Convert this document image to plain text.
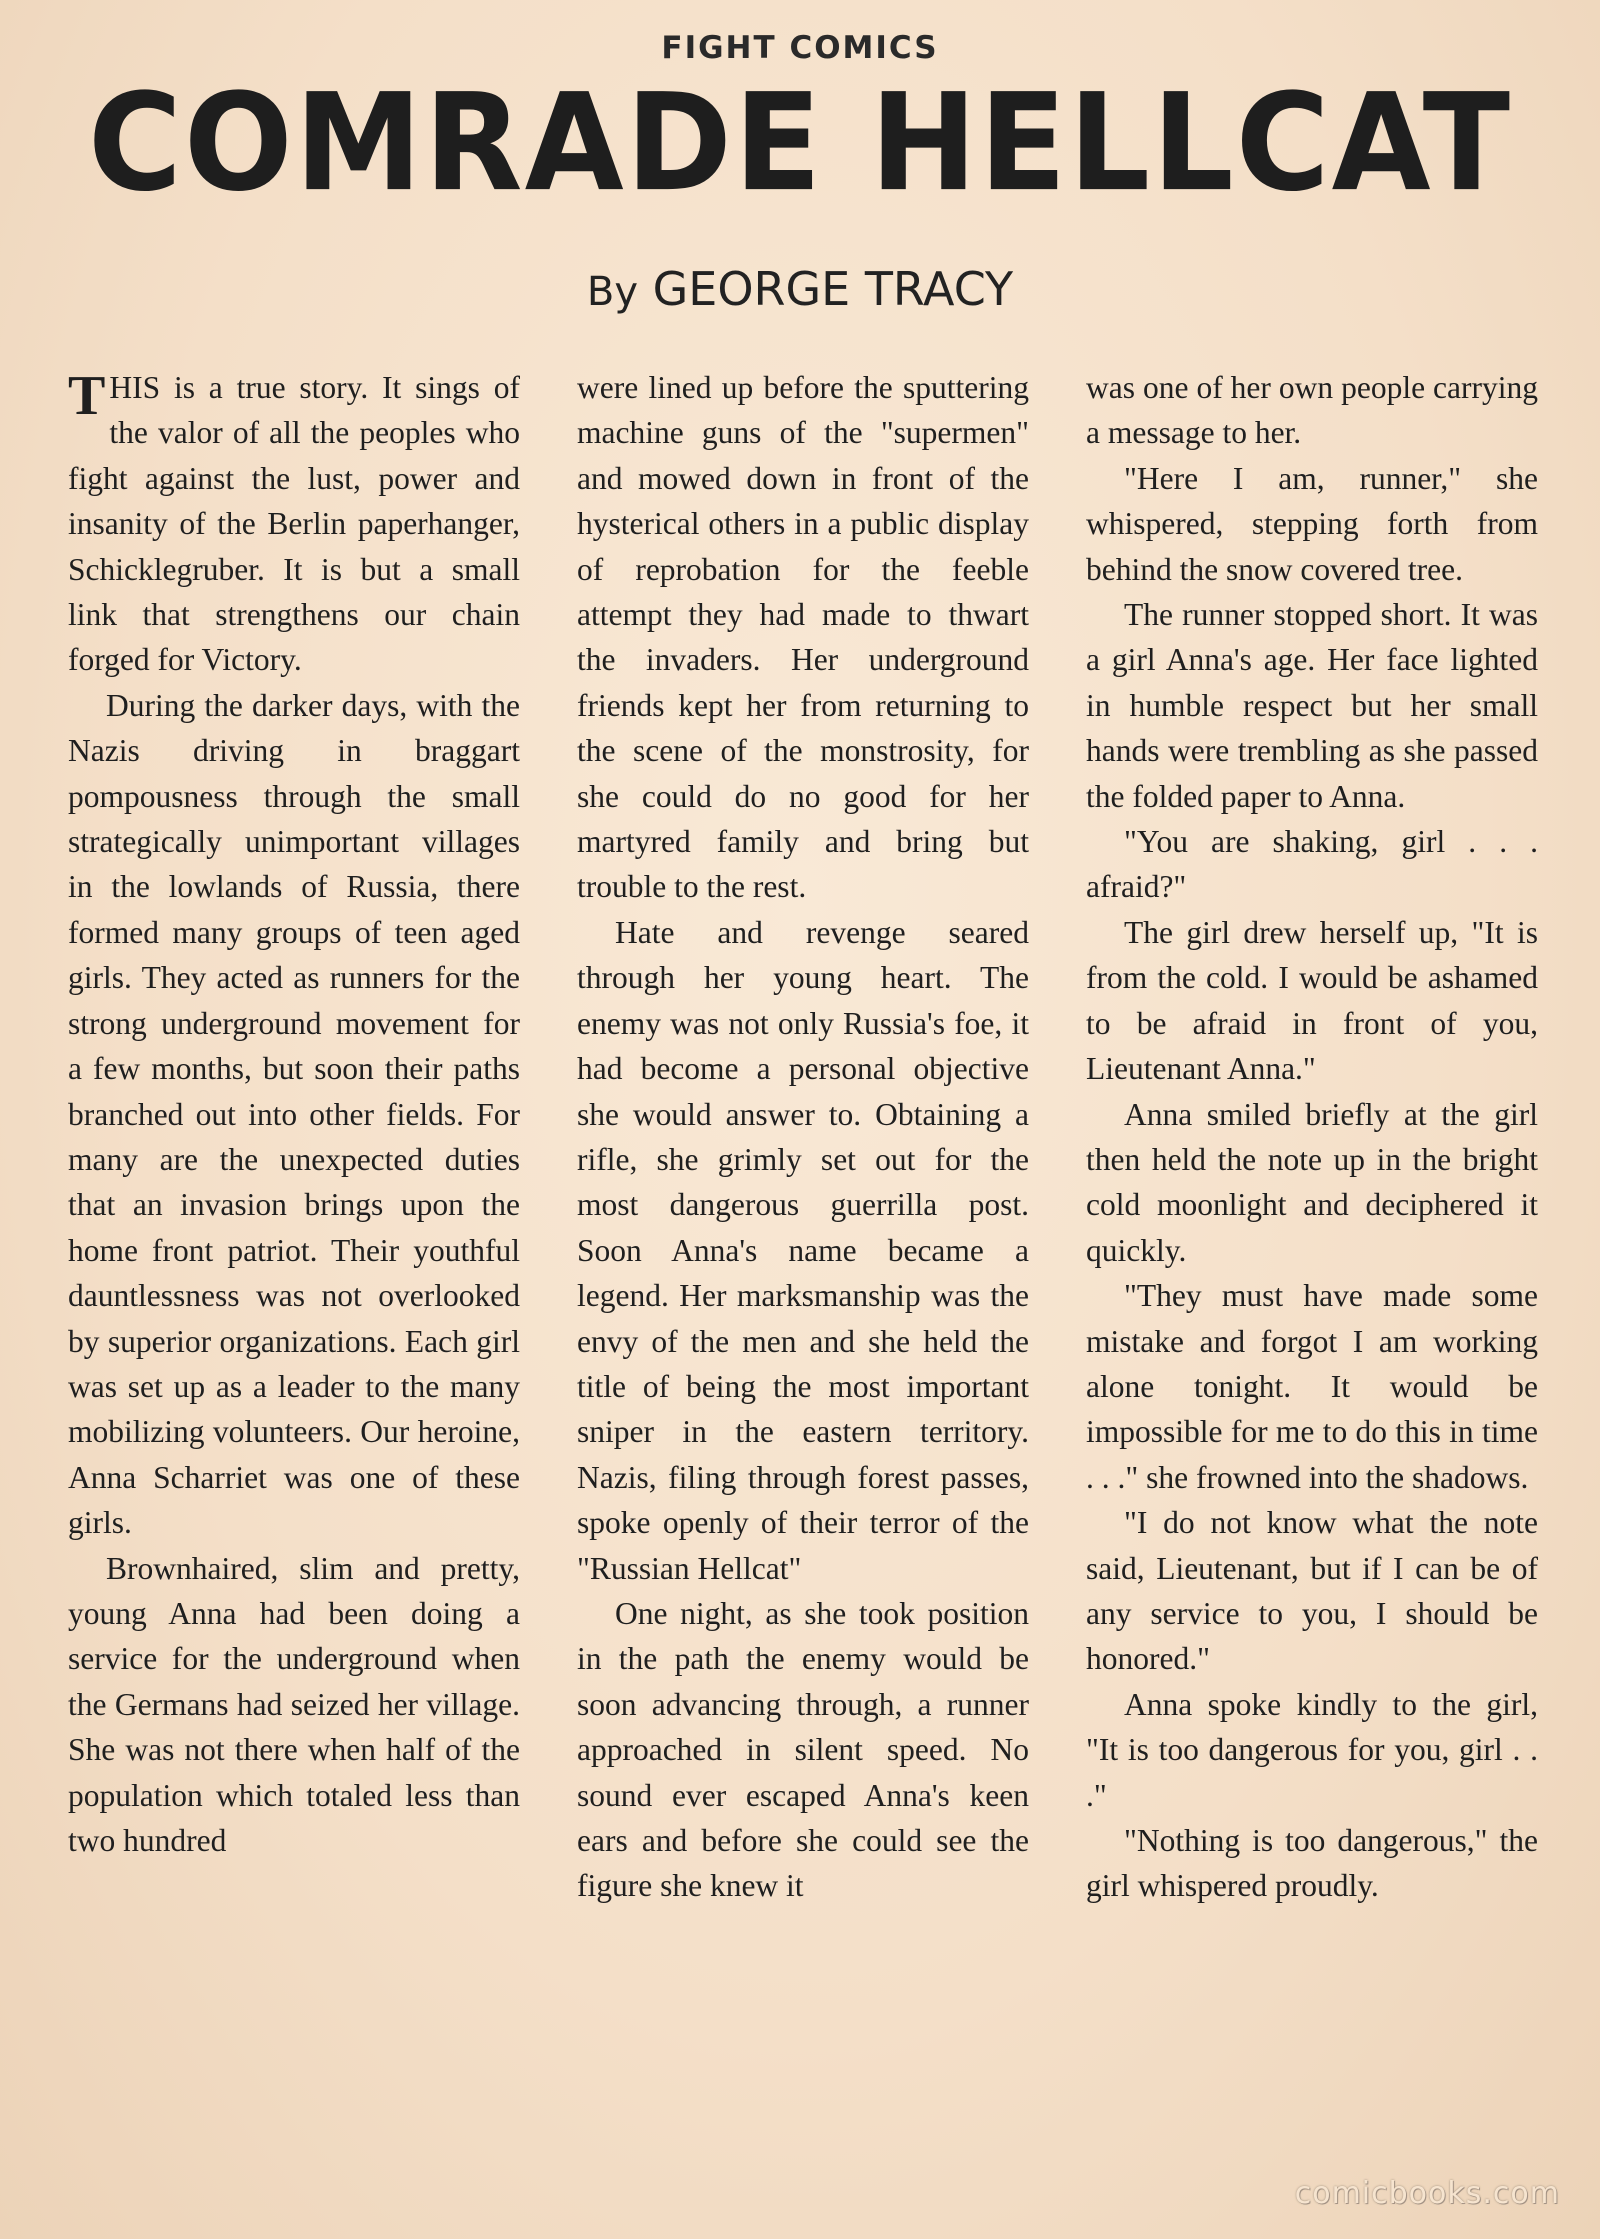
FIGHT COMICS
COMRADE HELLCAT
By GEORGE TRACY

THIS is a true story. It sings of the valor of all the peoples who fight against the lust, power and insanity of the Berlin paperhanger, Schicklegruber. It is but a small link that strengthens our chain forged for Victory.

During the darker days, with the Nazis driving in braggart pompousness through the small strategically unimportant villages in the lowlands of Russia, there formed many groups of teen aged girls. They acted as runners for the strong underground movement for a few months, but soon their paths branched out into other fields. For many are the unexpected duties that an invasion brings upon the home front patriot. Their youthful dauntlessness was not overlooked by superior organizations. Each girl was set up as a leader to the many mobilizing volunteers. Our heroine, Anna Scharriet was one of these girls.

Brownhaired, slim and pretty, young Anna had been doing a service for the underground when the Germans had seized her village. She was not there when half of the population which totaled less than two hundred

were lined up before the sputtering machine guns of the "supermen" and mowed down in front of the hysterical others in a public display of reprobation for the feeble attempt they had made to thwart the invaders. Her underground friends kept her from returning to the scene of the monstrosity, for she could do no good for her martyred family and bring but trouble to the rest.

Hate and revenge seared through her young heart. The enemy was not only Russia's foe, it had become a personal objective she would answer to. Obtaining a rifle, she grimly set out for the most dangerous guerrilla post. Soon Anna's name became a legend. Her marksmanship was the envy of the men and she held the title of being the most important sniper in the eastern territory. Nazis, filing through forest passes, spoke openly of their terror of the "Russian Hellcat"

One night, as she took position in the path the enemy would be soon advancing through, a runner approached in silent speed. No sound ever escaped Anna's keen ears and before she could see the figure she knew it

was one of her own people carrying a message to her.

"Here I am, runner," she whispered, stepping forth from behind the snow covered tree.

The runner stopped short. It was a girl Anna's age. Her face lighted in humble respect but her small hands were trembling as she passed the folded paper to Anna.

"You are shaking, girl . . . afraid?"

The girl drew herself up, "It is from the cold. I would be ashamed to be afraid in front of you, Lieutenant Anna."

Anna smiled briefly at the girl then held the note up in the bright cold moonlight and deciphered it quickly.

"They must have made some mistake and forgot I am working alone tonight. It would be impossible for me to do this in time . . ." she frowned into the shadows.

"I do not know what the note said, Lieutenant, but if I can be of any service to you, I should be honored."

Anna spoke kindly to the girl, "It is too dangerous for you, girl . . ."

"Nothing is too dangerous," the girl whispered proudly.

comicbooks.com
